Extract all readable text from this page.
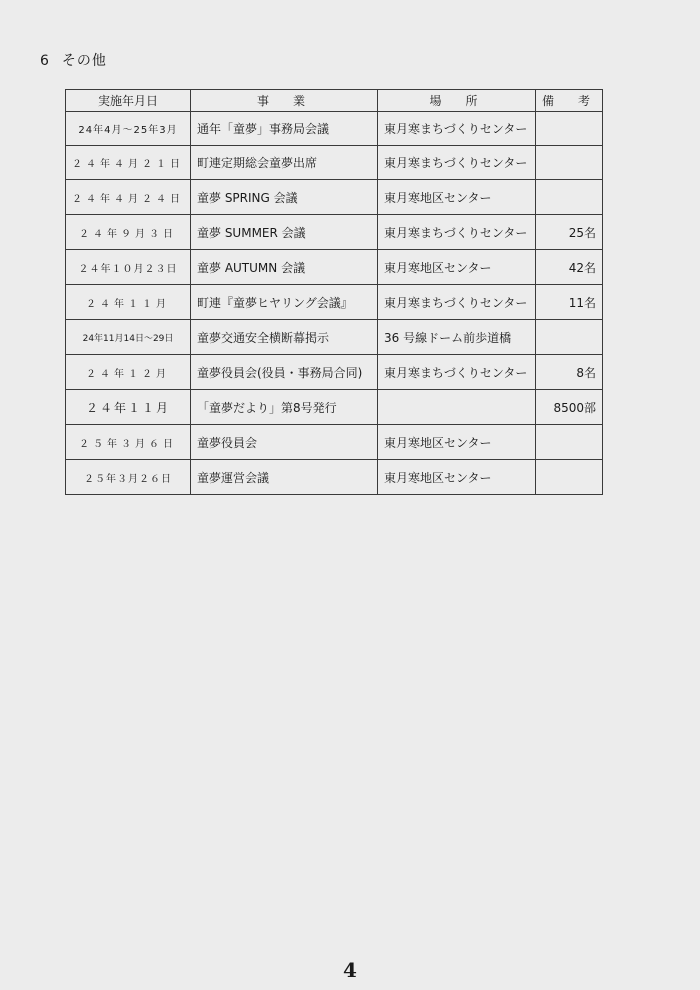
6 その他
実施年月日	事　業	場　所	備　考
24年4月～25年3月	通年「童夢」事務局会議	東月寒まちづくりセンター	
２４年４月２１日	町連定期総会童夢出席	東月寒まちづくりセンター	
２４年４月２４日	童夢 SPRING 会議	東月寒地区センター	
２４年９月３日	童夢 SUMMER 会議	東月寒まちづくりセンター	25名
２４年１０月２３日	童夢 AUTUMN 会議	東月寒地区センター	42名
２４年１１月	町連『童夢ヒヤリング会議』	東月寒まちづくりセンター	11名
24年11月14日～29日	童夢交通安全横断幕掲示	36 号線ドーム前歩道橋	
２４年１２月	童夢役員会(役員・事務局合同)	東月寒まちづくりセンター	8名
２４年１１月	「童夢だより」第8号発行		8500部
２５年３月６日	童夢役員会	東月寒地区センター	
２５年３月２６日	童夢運営会議	東月寒地区センター	
4
